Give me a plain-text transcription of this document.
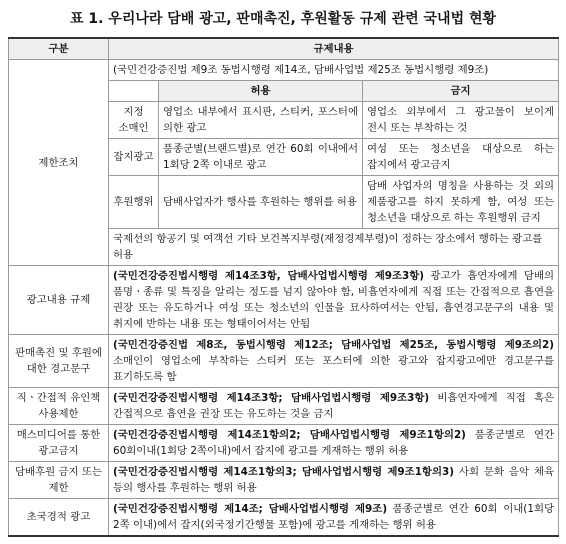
표 1. 우리나라 담배 광고, 판매촉진, 후원활동 규제 관련 국내법 현황
구분	규제내용		
제한조치	(국민건강증진법 제9조 동법시행령 제14조, 담배사업법 제25조 동법시행령 제9조)		
		허용	금지
	지정 소매인	영업소 내부에서 표시판, 스티커, 포스터에 의한 광고	영업소 외부에서 그 광고물이 보이게 전시 또는 부착하는 것
	잡지광고	품종군별(브랜드별)로 연간 60회 이내에서 1회당 2쪽 이내로 광고	여성 또는 청소년을 대상으로 하는 잡지에서 광고금지
	후원행위	담배사업자가 행사를 후원하는 행위를 허용	담배 사업자의 명칭을 사용하는 것 외의 제품광고를 하지 못하게 함, 여성 또는 청소년을 대상으로 하는 후원행위 금지
	국제선의 항공기 및 여객선 기타 보건복지부령(재정경제부령)이 정하는 장소에서 행하는 광고를 허용		
광고내용 규제	(국민건강증진법시행령 제14조3항, 담배사업법시행령 제9조3항) 광고가 흡연자에게 담배의 품명ㆍ종류 및 특징을 알리는 정도를 넘지 않아야 함, 비흡연자에게 직접 또는 간접적으로 흡연을 권장 또는 유도하거나 여성 또는 청소년의 인물을 묘사하여서는 안됨, 흡연경고문구의 내용 및 취지에 반하는 내용 또는 형태이어서는 안됨		
판매촉진 및 후원에 대한 경고문구	(국민건강증진법 제8조, 동법시행령 제12조; 담배사업법 제25조, 동법시행령 제9조의2) 소매인이 영업소에 부착하는 스티커 또는 포스터에 의한 광고와 잡지광고에만 경고문구를 표기하도록 함		
직ㆍ간접적 유인책 사용제한	(국민건강증진법시행령 제14조3항; 담배사업법시행령 제9조3항) 비흡연자에게 직접 혹은 간접적으로 흡연을 권장 또는 유도하는 것을 금지		
매스미디어를 통한 광고금지	(국민건강증진법시행령 제14조1항의2; 담배사업법시행령 제9조1항의2) 품종군별로 연간 60회이내(1회당 2쪽이내)에서 잡지에 광고를 게재하는 행위 허용		
담배후원 금지 또는 제한	(국민건강증진법시행령 제14조1항의3; 담배사업법시행령 제9조1항의3) 사회 문화 음악 체육 등의 행사를 후원하는 행위 허용		
초국경적 광고	(국민건강증진법시행령 제14조; 담배사업법시행령 제9조) 품종군별로 연간 60회 이내(1회당 2쪽 이내)에서 잡지(외국정기간행물 포함)에 광고를 게재하는 행위 허용		
